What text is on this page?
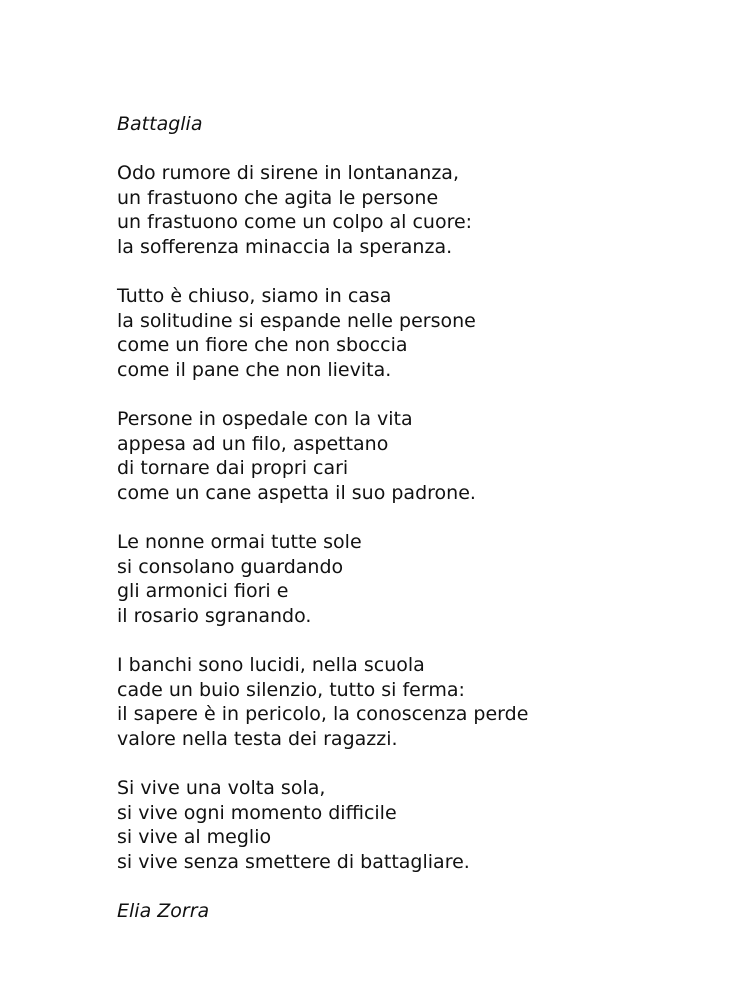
Battaglia

Odo rumore di sirene in lontananza,
un frastuono che agita le persone
un frastuono come un colpo al cuore:
la sofferenza minaccia la speranza.
Tutto è chiuso, siamo in casa
la solitudine si espande nelle persone
come un fiore che non sboccia
come il pane che non lievita.
Persone in ospedale con la vita
appesa ad un filo, aspettano
di tornare dai propri cari
come un cane aspetta il suo padrone.
Le nonne ormai tutte sole
si consolano guardando
gli armonici fiori e
il rosario sgranando.
I banchi sono lucidi, nella scuola
cade un buio silenzio, tutto si ferma:
il sapere è in pericolo, la conoscenza perde
valore nella testa dei ragazzi.
Si vive una volta sola,
si vive ogni momento difficile
si vive al meglio
si vive senza smettere di battagliare.

Elia Zorra
